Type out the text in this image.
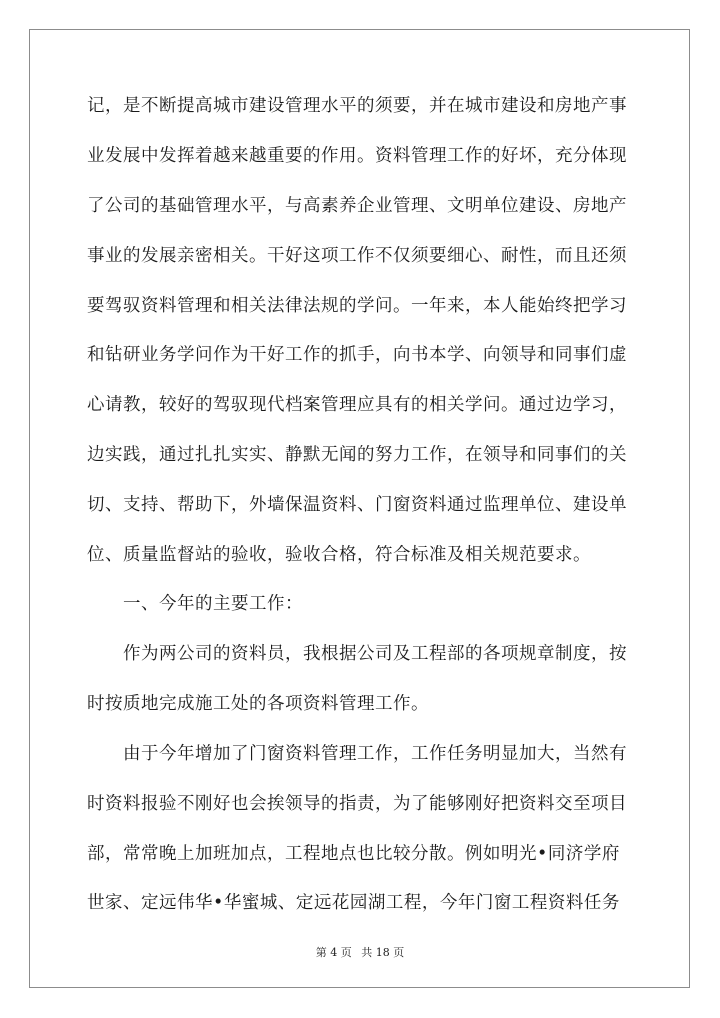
记，是不断提高城市建设管理水平的须要，并在城市建设和房地产事
业发展中发挥着越来越重要的作用。资料管理工作的好坏，充分体现
了公司的基础管理水平，与高素养企业管理、文明单位建设、房地产
事业的发展亲密相关。干好这项工作不仅须要细心、耐性，而且还须
要驾驭资料管理和相关法律法规的学问。一年来，本人能始终把学习
和钻研业务学问作为干好工作的抓手，向书本学、向领导和同事们虚
心请教，较好的驾驭现代档案管理应具有的相关学问。通过边学习，
边实践，通过扎扎实实、静默无闻的努力工作，在领导和同事们的关
切、支持、帮助下，外墙保温资料、门窗资料通过监理单位、建设单
位、质量监督站的验收，验收合格，符合标准及相关规范要求。
　　一、今年的主要工作：
　　作为两公司的资料员，我根据公司及工程部的各项规章制度，按
时按质地完成施工处的各项资料管理工作。
　　由于今年增加了门窗资料管理工作，工作任务明显加大，当然有
时资料报验不刚好也会挨领导的指责，为了能够刚好把资料交至项目
部，常常晚上加班加点，工程地点也比较分散。例如明光•同济学府
世家、定远伟华•华蜜城、定远花园湖工程，今年门窗工程资料任务
第 4 页 共 18 页
